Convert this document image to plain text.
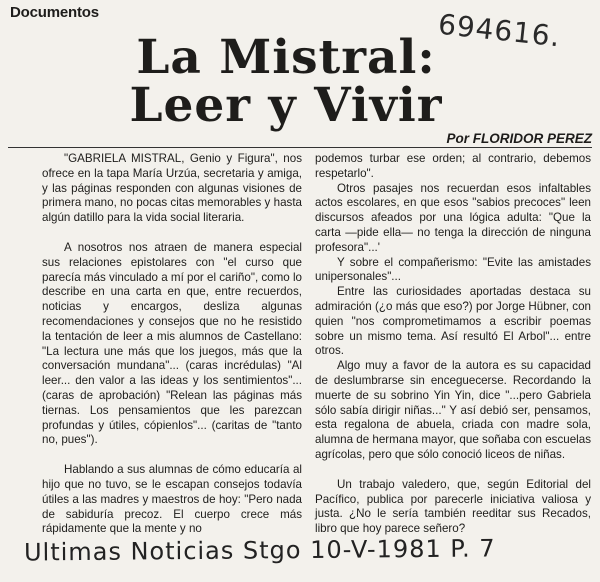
Documentos	694616.
La Mistral:
Leer y Vivir
Por FLORIDOR PEREZ

"GABRIELA MISTRAL, Genio y Figura", nos ofrece en la tapa María Urzúa, secretaria y amiga, y las páginas responden con algunas visiones de primera mano, no pocas citas memorables y hasta algún datillo para la vida social literaria.

A nosotros nos atraen de manera especial sus relaciones epistolares con "el curso que parecía más vinculado a mí por el cariño", como lo describe en una carta en que, entre recuerdos, noticias y encargos, desliza algunas recomendaciones y consejos que no he resistido la tentación de leer a mis alumnos de Castellano: "La lectura une más que los juegos, más que la conversación mundana"... (caras incrédulas) "Al leer... den valor a las ideas y los sentimientos"... (caras de aprobación) "Relean las páginas más tiernas. Los pensamientos que les parezcan profundas y útiles, cópienlos"... (caritas de "tanto no, pues").

Hablando a sus alumnas de cómo educaría al hijo que no tuvo, se le escapan consejos todavía útiles a las madres y maestros de hoy: "Pero nada de sabiduría precoz. El cuerpo crece más rápidamente que la mente y no

podemos turbar ese orden; al contrario, debemos respetarlo".

Otros pasajes nos recuerdan esos infaltables actos escolares, en que esos "sabios precoces" leen discursos afeados por una lógica adulta: "Que la carta —pide ella— no tenga la dirección de ninguna profesora"...'

Y sobre el compañerismo: "Evite las amistades unipersonales"...

Entre las curiosidades aportadas destaca su admiración (¿o más que eso?) por Jorge Hübner, con quien "nos comprometimamos a escribir poemas sobre un mismo tema. Así resultó El Arbol"... entre otros.

Algo muy a favor de la autora es su capacidad de deslumbrarse sin enceguecerse. Recordando la muerte de su sobrino Yin Yin, dice "...pero Gabriela sólo sabía dirigir niñas..." Y así debió ser, pensamos, esta regalona de abuela, criada con madre sola, alumna de hermana mayor, que soñaba con escuelas agrícolas, pero que sólo conoció liceos de niñas.

Un trabajo valedero, que, según Editorial del Pacífico, publica por parecerle iniciativa valiosa y justa. ¿No le sería también reeditar sus Recados, libro que hoy parece señero?

Ultimas Noticias Stgo 10-V-1981 P. 7
